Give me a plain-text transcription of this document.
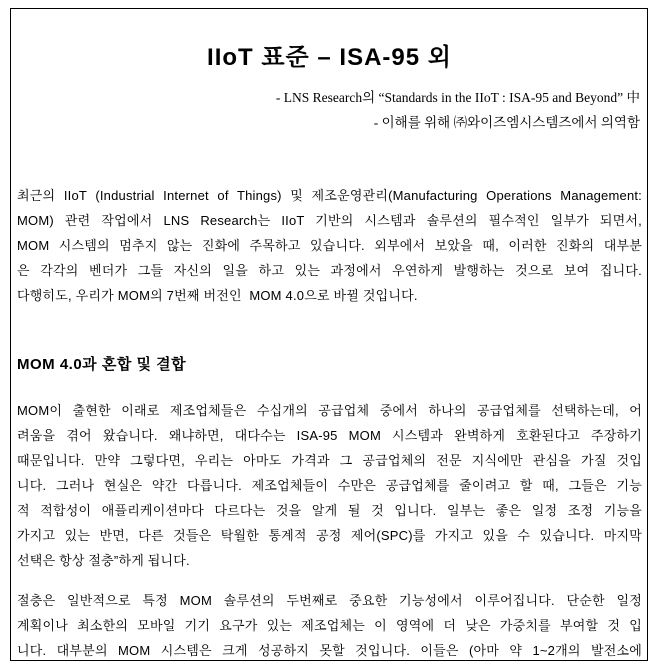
IIoT 표준 – ISA-95 외
- LNS Research의 “Standards in the IIoT : ISA-95 and Beyond” 中
- 이해를 위해 ㈜와이즈엠시스템즈에서 의역함
최근의 IIoT (Industrial Internet of Things) 및 제조운영관리(Manufacturing Operations Management:
MOM) 관련 작업에서 LNS Research는 IIoT 기반의 시스템과 솔루션의 필수적인 일부가 되면서,
MOM 시스템의 멈추지 않는 진화에 주목하고 있습니다. 외부에서 보았을 때, 이러한 진화의 대부분
은 각각의 벤더가 그들 자신의 일을 하고 있는 과정에서 우연하게 발행하는 것으로 보여 집니다.
다행히도, 우리가 MOM의 7번째 버전인  MOM 4.0으로 바뀔 것입니다.
MOM 4.0과 혼합 및 결합
MOM이 출현한 이래로 제조업체들은 수십개의 공급업체 중에서 하나의 공급업체를 선택하는데, 어
려움을 겪어 왔습니다. 왜냐하면, 대다수는 ISA-95 MOM 시스템과 완벽하게 호환된다고 주장하기
때문입니다. 만약 그렇다면, 우리는 아마도 가격과 그 공급업체의 전문 지식에만 관심을 가질 것입
니다. 그러나 현실은 약간 다릅니다. 제조업체들이 수만은 공급업체를 줄이려고 할 때, 그들은 기능
적 적합성이 애플리케이션마다 다르다는 것을 알게 될 것 입니다. 일부는 좋은 일정 조정 기능을
가지고 있는 반면, 다른 것들은 탁월한 통계적 공정 제어(SPC)를 가지고 있을 수 있습니다. 마지막
선택은 항상 절충”하게 됩니다.
절충은 일반적으로 특정 MOM 솔루션의 두번째로 중요한 기능성에서 이루어집니다. 단순한 일정
계획이나 최소한의 모바일 기기 요구가 있는 제조업체는 이 영역에 더 낮은 가중치를 부여할 것 입
니다. 대부분의 MOM 시스템은 크게 성공하지 못할 것입니다. 이들은 (아마 약 1~2개의 발전소에
